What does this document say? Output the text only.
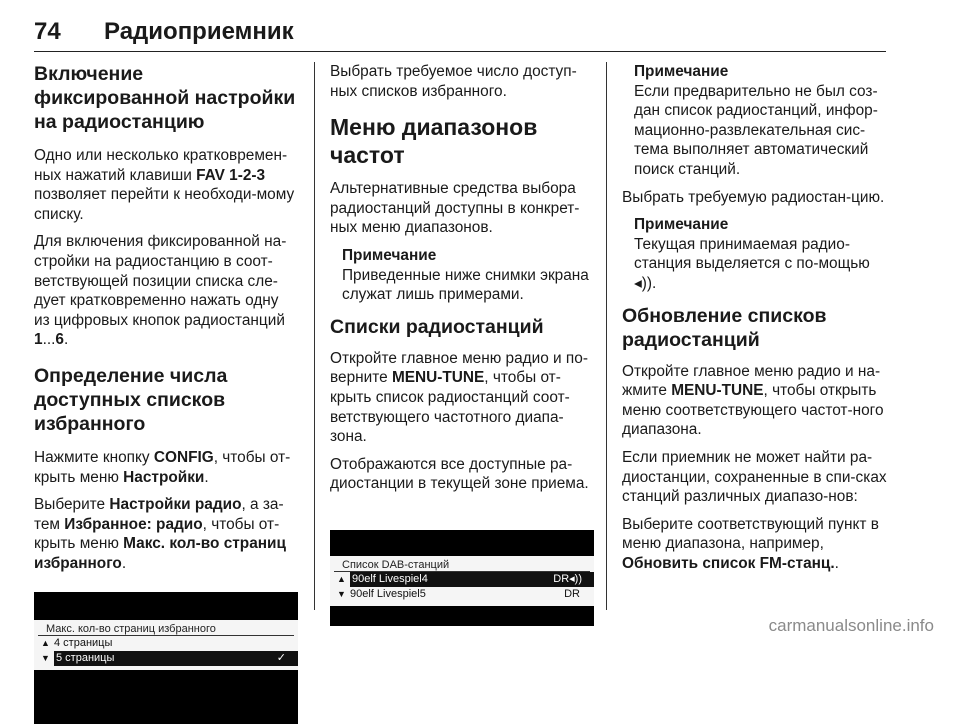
74 Радиоприемник
Включение фиксированной настройки на радиостанцию

Одно или несколько кратковремен-ных нажатий клавиши FAV 1-2-3 позволяет перейти к необходи-мому списку.

Для включения фиксированной на-стройки на радиостанцию в соот-ветствующей позиции списка сле-дует кратковременно нажать одну из цифровых кнопок радиостанций 1...6.

Определение числа доступных списков избранного

Нажмите кнопку CONFIG, чтобы от-крыть меню Настройки.

Выберите Настройки радио, а за-тем Избранное: радио, чтобы от-крыть меню Макс. кол-во страниц избранного.

Макс. кол-во страниц избранного
▲ 4 страницы
▼ 5 страницы	✓

Выбрать требуемое число доступ-ных списков избранного.

Меню диапазонов частот

Альтернативные средства выбора радиостанций доступны в конкрет-ных меню диапазонов.

Примечание

Приведенные ниже снимки экрана служат лишь примерами.

Списки радиостанций

Откройте главное меню радио и по-верните MENU-TUNE, чтобы от-крыть список радиостанций соот-ветствующего частотного диапа-зона.

Отображаются все доступные ра-диостанции в текущей зоне приема.

Список DAB-станций
▲ 90elf Livespiel4	DR◂))
▼ 90elf Livespiel5	DR

Примечание

Если предварительно не был соз-дан список радиостанций, инфор-мационно-развлекательная сис-тема выполняет автоматический поиск станций.

Выбрать требуемую радиостан-цию.

Примечание

Текущая принимаемая радио-станция выделяется с по-мощью ◂)).

Обновление списков радиостанций

Откройте главное меню радио и на-жмите MENU-TUNE, чтобы открыть меню соответствующего частот-ного диапазона.

Если приемник не может найти ра-диостанции, сохраненные в спи-сках станций различных диапазо-нов:

Выберите соответствующий пункт в меню диапазона, например, Обновить список FM-станц..

carmanualsonline.info
